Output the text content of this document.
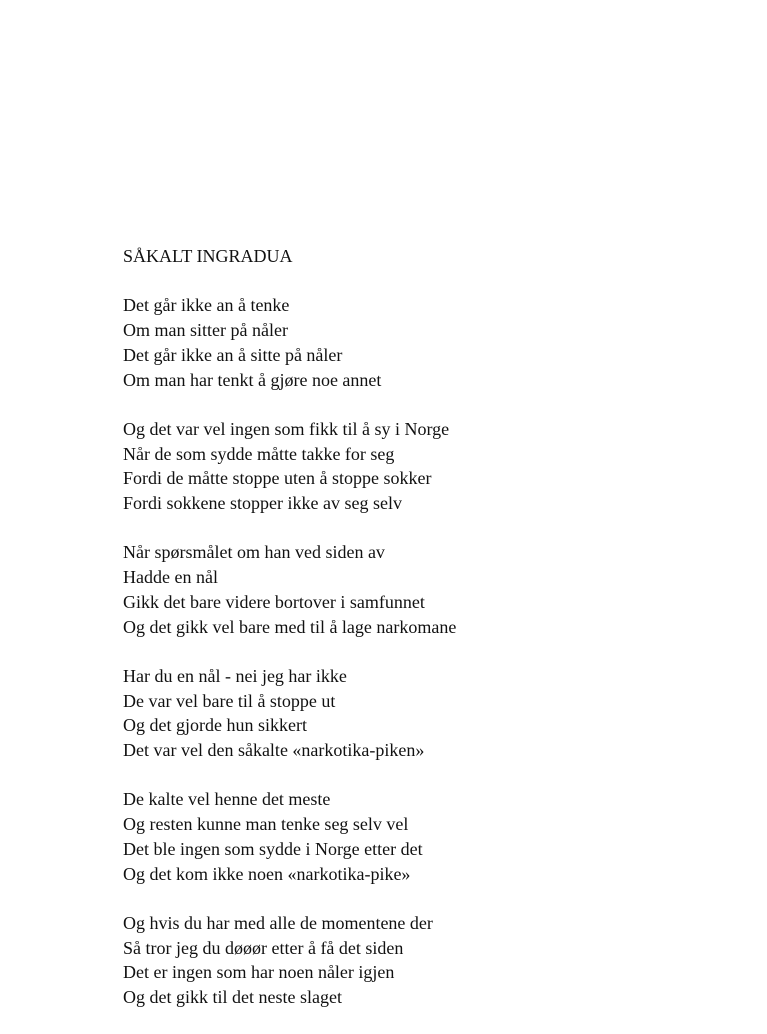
SÅKALT INGRADUA
Det går ikke an å tenke
Om man sitter på nåler
Det går ikke an å sitte på nåler
Om man har tenkt å gjøre noe annet
Og det var vel ingen som fikk til å sy i Norge
Når de som sydde måtte takke for seg
Fordi de måtte stoppe uten å stoppe sokker
Fordi sokkene stopper ikke av seg selv
Når spørsmålet om han ved siden av
Hadde en nål
Gikk det bare videre bortover i samfunnet
Og det gikk vel bare med til å lage narkomane
Har du en nål - nei jeg har ikke
De var vel bare til å stoppe ut
Og det gjorde hun sikkert
Det var vel den såkalte «narkotika-piken»
De kalte vel henne det meste
Og resten kunne man tenke seg selv vel
Det ble ingen som sydde i Norge etter det
Og det kom ikke noen «narkotika-pike»
Og hvis du har med alle de momentene der
Så tror jeg du døøør etter å få det siden
Det er ingen som har noen nåler igjen
Og det gikk til det neste slaget
